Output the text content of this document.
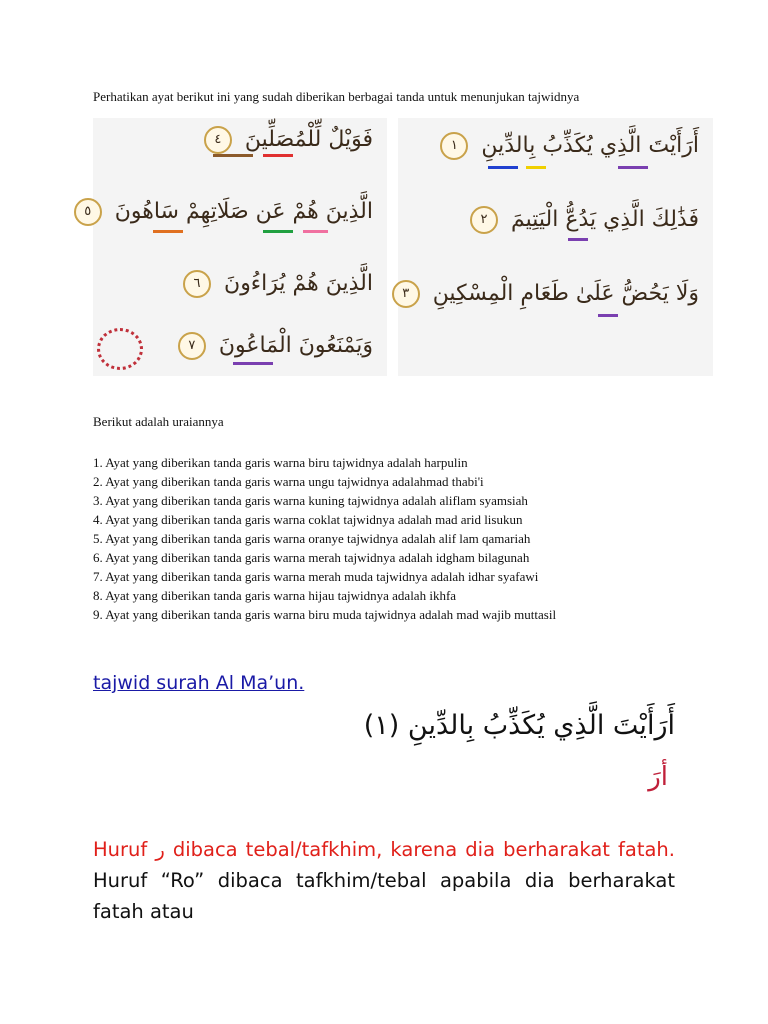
Perhatikan ayat berikut ini yang sudah diberikan berbagai tanda untuk menunjukan tajwidnya
فَوَيْلٌ لِّلْمُصَلِّينَ ٤
الَّذِينَ هُمْ عَن صَلَاتِهِمْ سَاهُونَ ٥
الَّذِينَ هُمْ يُرَاءُونَ ٦
وَيَمْنَعُونَ الْمَاعُونَ ٧
أَرَأَيْتَ الَّذِي يُكَذِّبُ بِالدِّينِ ١
فَذَٰلِكَ الَّذِي يَدُعُّ الْيَتِيمَ ٢
وَلَا يَحُضُّ عَلَىٰ طَعَامِ الْمِسْكِينِ ٣
Berikut adalah uraiannya
1. Ayat yang diberikan tanda garis warna biru tajwidnya adalah harpulin
2. Ayat yang diberikan tanda garis warna ungu tajwidnya adalahmad thabi'i
3. Ayat yang diberikan tanda garis warna kuning tajwidnya adalah aliflam syamsiah
4. Ayat yang diberikan tanda garis warna coklat tajwidnya adalah mad arid lisukun
5. Ayat yang diberikan tanda garis warna oranye tajwidnya adalah alif lam qamariah
6. Ayat yang diberikan tanda garis warna merah tajwidnya adalah idgham bilagunah
7. Ayat yang diberikan tanda garis warna merah muda tajwidnya adalah idhar syafawi
8. Ayat yang diberikan tanda garis warna hijau tajwidnya adalah ikhfa
9. Ayat yang diberikan tanda garis warna biru muda tajwidnya adalah mad wajib muttasil
tajwid surah Al Ma’un.
أَرَأَيْتَ الَّذِي يُكَذِّبُ بِالدِّينِ (١)
أرَ
Huruf ر dibaca tebal/tafkhim, karena dia berharakat fatah. Huruf “Ro” dibaca tafkhim/tebal apabila dia berharakat fatah atau
